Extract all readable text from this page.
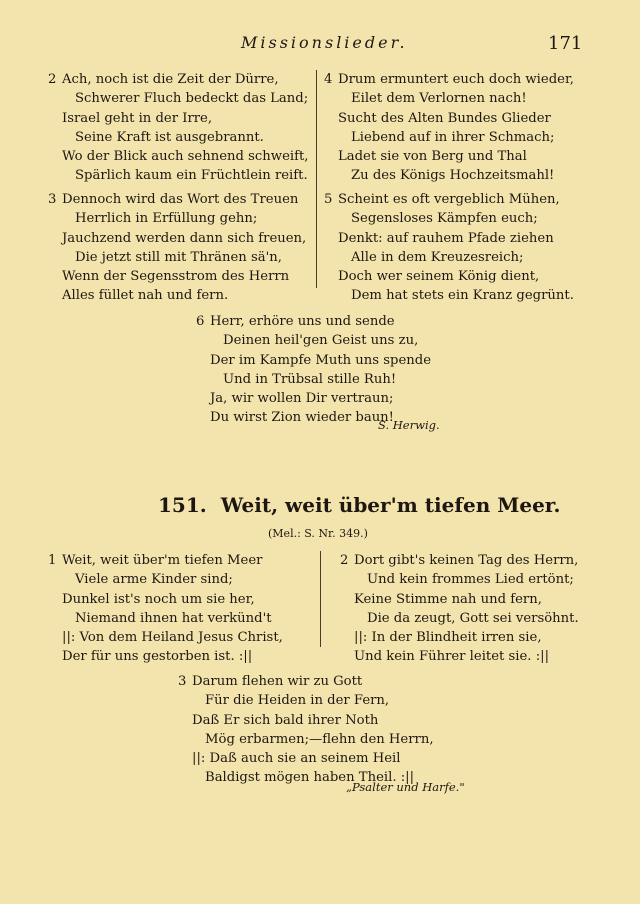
Missionslieder.	171
2 Ach, noch ist die Zeit der Dürre,
Schwerer Fluch bedeckt das Land;
Israel geht in der Irre,
Seine Kraft ist ausgebrannt.
Wo der Blick auch sehnend schweift,
Spärlich kaum ein Früchtlein reift.
4 Drum ermuntert euch doch wieder,
Eilet dem Verlornen nach!
Sucht des Alten Bundes Glieder
Liebend auf in ihrer Schmach;
Ladet sie von Berg und Thal
Zu des Königs Hochzeitsmahl!
3 Dennoch wird das Wort des Treuen
Herrlich in Erfüllung gehn;
Jauchzend werden dann sich freuen,
Die jetzt still mit Thränen sä'n,
Wenn der Segensstrom des Herrn
Alles füllet nah und fern.
5 Scheint es oft vergeblich Mühen,
Segensloses Kämpfen euch;
Denkt: auf rauhem Pfade ziehen
Alle in dem Kreuzesreich;
Doch wer seinem König dient,
Dem hat stets ein Kranz gegrünt.
6 Herr, erhöre uns und sende
Deinen heil'gen Geist uns zu,
Der im Kampfe Muth uns spende
Und in Trübsal stille Ruh!
Ja, wir wollen Dir vertraun;
Du wirst Zion wieder baun!
S. Herwig.
151. Weit, weit über'm tiefen Meer.
(Mel.: S. Nr. 349.)
1 Weit, weit über'm tiefen Meer
Viele arme Kinder sind;
Dunkel ist's noch um sie her,
Niemand ihnen hat verkünd't
||: Von dem Heiland Jesus Christ,
Der für uns gestorben ist. :||
2 Dort gibt's keinen Tag des Herrn,
Und kein frommes Lied ertönt;
Keine Stimme nah und fern,
Die da zeugt, Gott sei versöhnt.
||: In der Blindheit irren sie,
Und kein Führer leitet sie. :||
3 Darum flehen wir zu Gott
Für die Heiden in der Fern,
Daß Er sich bald ihrer Noth
Mög erbarmen;—flehn den Herrn,
||: Daß auch sie an seinem Heil
Baldigst mögen haben Theil. :||
„Psalter und Harfe."
